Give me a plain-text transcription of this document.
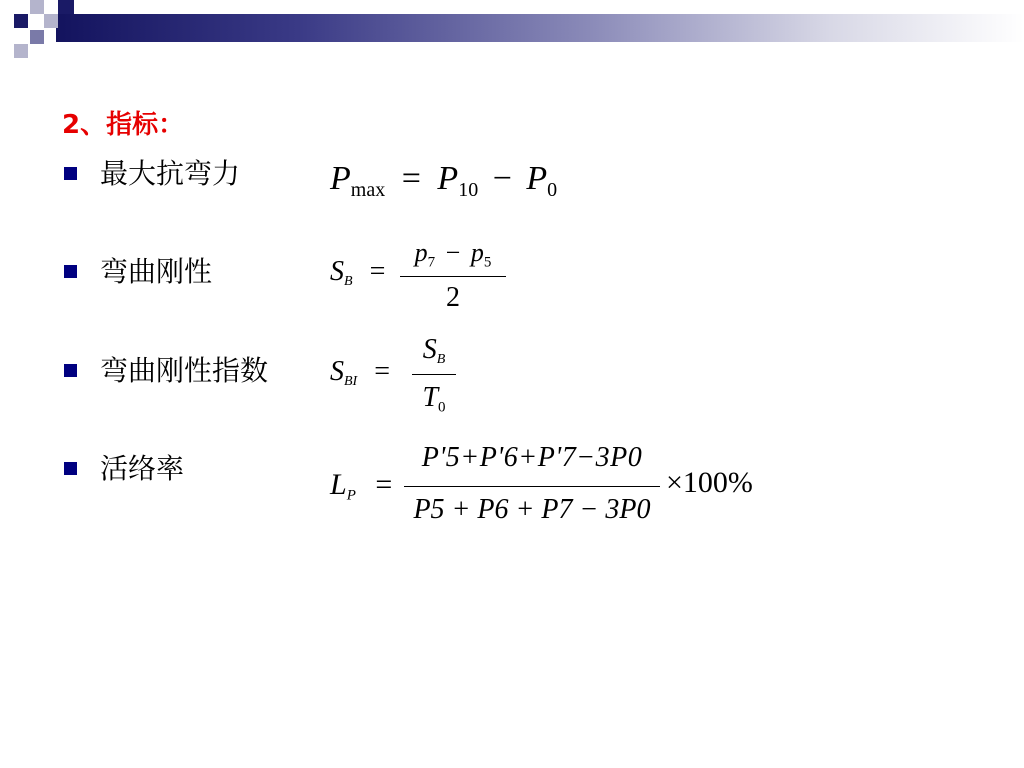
2、指标：
最大抗弯力	$P_{max} = P_{10} - P_0$
弯曲刚性	$S_B$ =
$p_7 - p_5$
2
弯曲刚性指数 $S_{BI}$ =
$S_B$
$T_0$
活络率	$L_P$ =
P'5+P'6+P'7−3P0
P5 + P6 + P7 − 3P0
×100%
